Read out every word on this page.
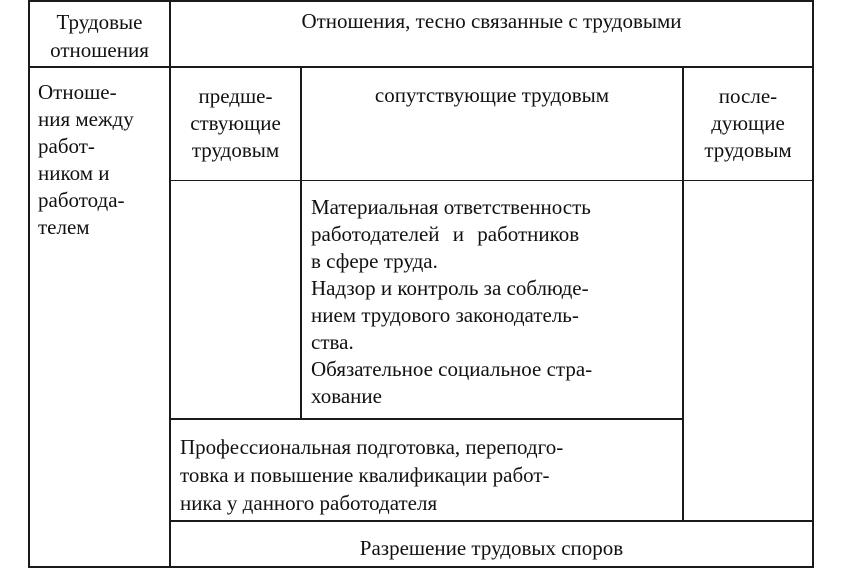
Трудовые
отношения
Отношения, тесно связанные с трудовыми
предше-
ствующие
трудовым
сопутствующие трудовым	после-
дующие
трудовым
Отноше-
ния между
работ-
ником и
работода-
телем
Материальная ответственность
работодателей и работников
в сфере труда.
Надзор и контроль за соблюде-
нием трудового законодатель-
ства.
Обязательное социальное стра-
хование
Профессиональная подготовка, переподго-
товка и повышение квалификации работ-
ника у данного работодателя
Разрешение трудовых споров
